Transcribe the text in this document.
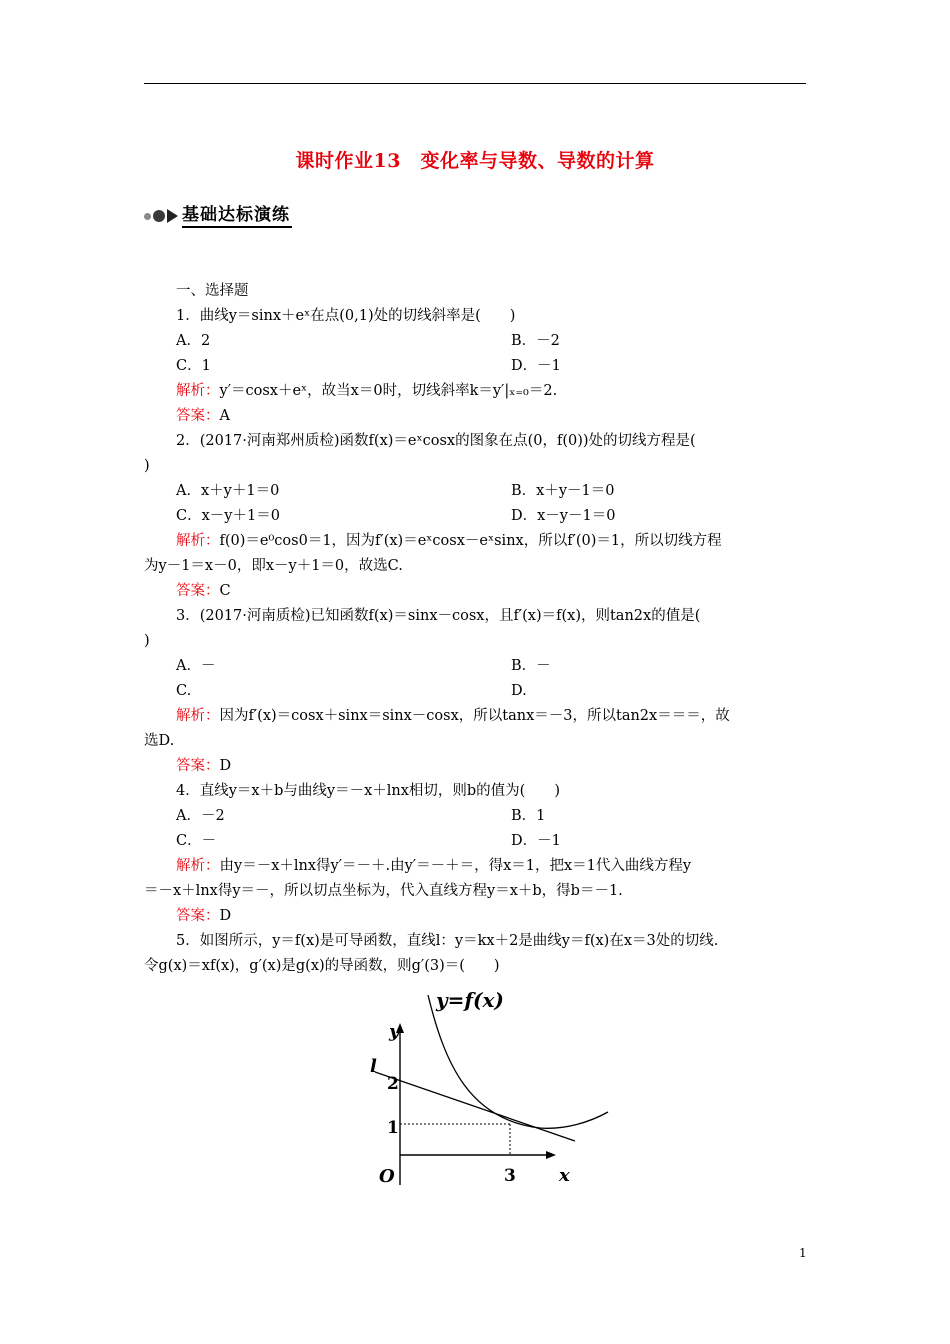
课时作业13　变化率与导数、导数的计算
基础达标演练
一、选择题
1．曲线y＝sinx＋eˣ在点(0,1)处的切线斜率是(　　)
A．2	B．－2
C．1	D．－1
解析：y′＝cosx＋eˣ，故当x＝0时，切线斜率k＝y′|ₓ₌₀＝2.
答案：A
2．(2017·河南郑州质检)函数f(x)＝eˣcosx的图象在点(0，f(0))处的切线方程是(
)
A．x＋y＋1＝0	B．x＋y－1＝0
C．x－y＋1＝0	D．x－y－1＝0
解析：f(0)＝e⁰cos0＝1，因为f′(x)＝eˣcosx－eˣsinx，所以f′(0)＝1，所以切线方程
为y－1＝x－0，即x－y＋1＝0，故选C.
答案：C
3．(2017·河南质检)已知函数f(x)＝sinx－cosx，且f′(x)＝f(x)，则tan2x的值是(
)
A．－	B．－
C.	D.
解析：因为f′(x)＝cosx＋sinx＝sinx－cosx，所以tanx＝－3，所以tan2x＝＝＝，故
选D.
答案：D
4．直线y＝x＋b与曲线y＝－x＋lnx相切，则b的值为(　　)
A．－2	B．1
C．－	D．－1
解析：由y＝－x＋lnx得y′＝－＋.由y′＝－＋＝，得x＝1，把x＝1代入曲线方程y
＝－x＋lnx得y＝－，所以切点坐标为，代入直线方程y＝x＋b，得b＝－1.
答案：D
5．如图所示，y＝f(x)是可导函数，直线l：y＝kx＋2是曲线y＝f(x)在x＝3处的切线.
令g(x)＝xf(x)，g′(x)是g(x)的导函数，则g′(3)＝(　　)
y=f(x)
y
l
2
1
O	3 x
1
